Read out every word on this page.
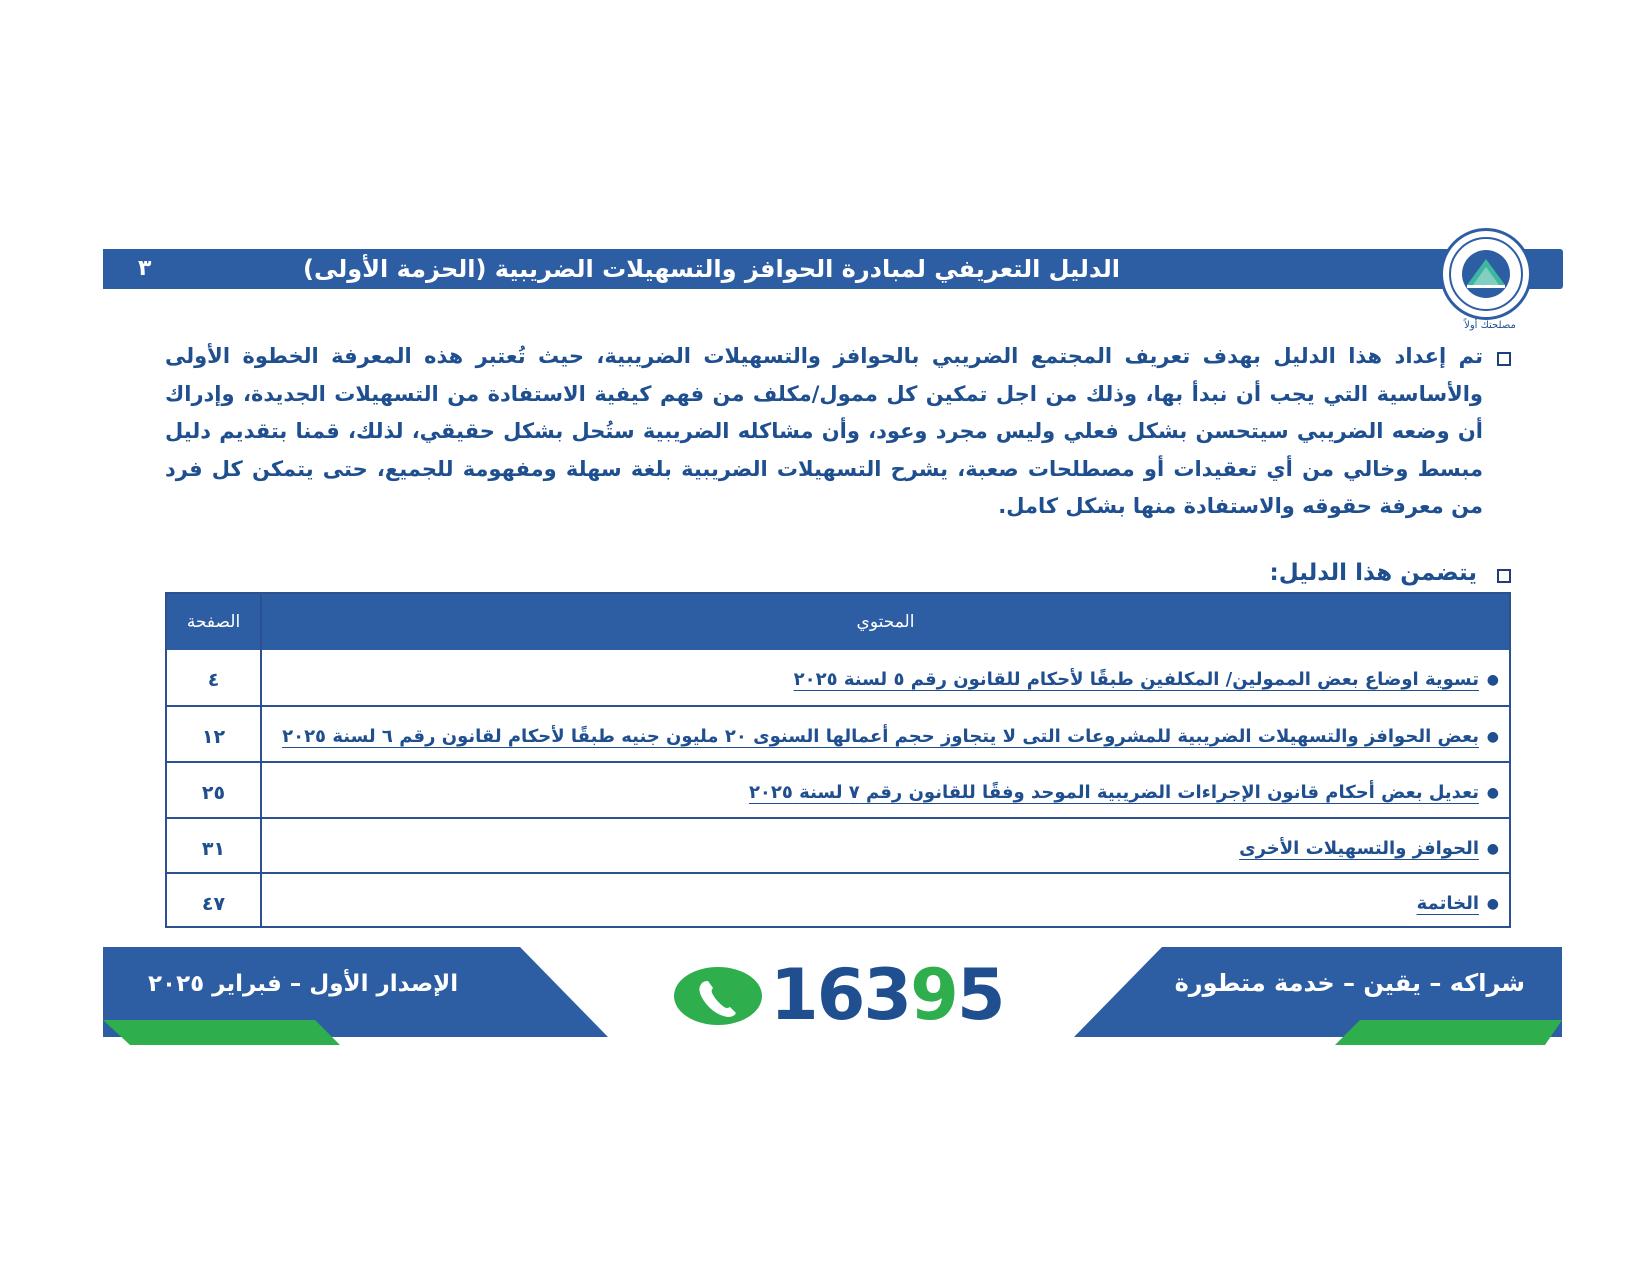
الدليل التعريفي لمبادرة الحوافز والتسهيلات الضريبية (الحزمة الأولى)
٣
مصلحتك أولاً
تم إعداد هذا الدليل بهدف تعريف المجتمع الضريبي بالحوافز والتسهيلات الضريبية، حيث تُعتبر هذه المعرفة الخطوة الأولى والأساسية التي يجب أن نبدأ بها، وذلك من اجل تمكين كل ممول/مكلف من فهم كيفية الاستفادة من التسهيلات الجديدة، وإدراك أن وضعه الضريبي سيتحسن بشكل فعلي وليس مجرد وعود، وأن مشاكله الضريبية ستُحل بشكل حقيقي، لذلك، قمنا بتقديم دليل مبسط وخالي من أي تعقيدات أو مصطلحات صعبة، يشرح التسهيلات الضريبية بلغة سهلة ومفهومة للجميع، حتى يتمكن كل فرد من معرفة حقوقه والاستفادة منها بشكل كامل.
يتضمن هذا الدليل:
المحتوي
الصفحة
●
تسوية اوضاع بعض الممولين/ المكلفين طبقًا لأحكام للقانون رقم ٥ لسنة ٢٠٢٥
٤
●
بعض الحوافز والتسهيلات الضريبية للمشروعات التى لا يتجاوز حجم أعمالها السنوى ٢٠ مليون جنيه طبقًا لأحكام لقانون رقم ٦ لسنة ٢٠٢٥
١٢
●
تعديل بعض أحكام قانون الإجراءات الضريبية الموحد وفقًا للقانون رقم ٧ لسنة ٢٠٢٥
٢٥
●
الحوافز والتسهيلات الأخرى
٣١
●
الخاتمة
٤٧
الإصدار الأول – فبراير ٢٠٢٥	شراكه – يقين – خدمة متطورة
16395
